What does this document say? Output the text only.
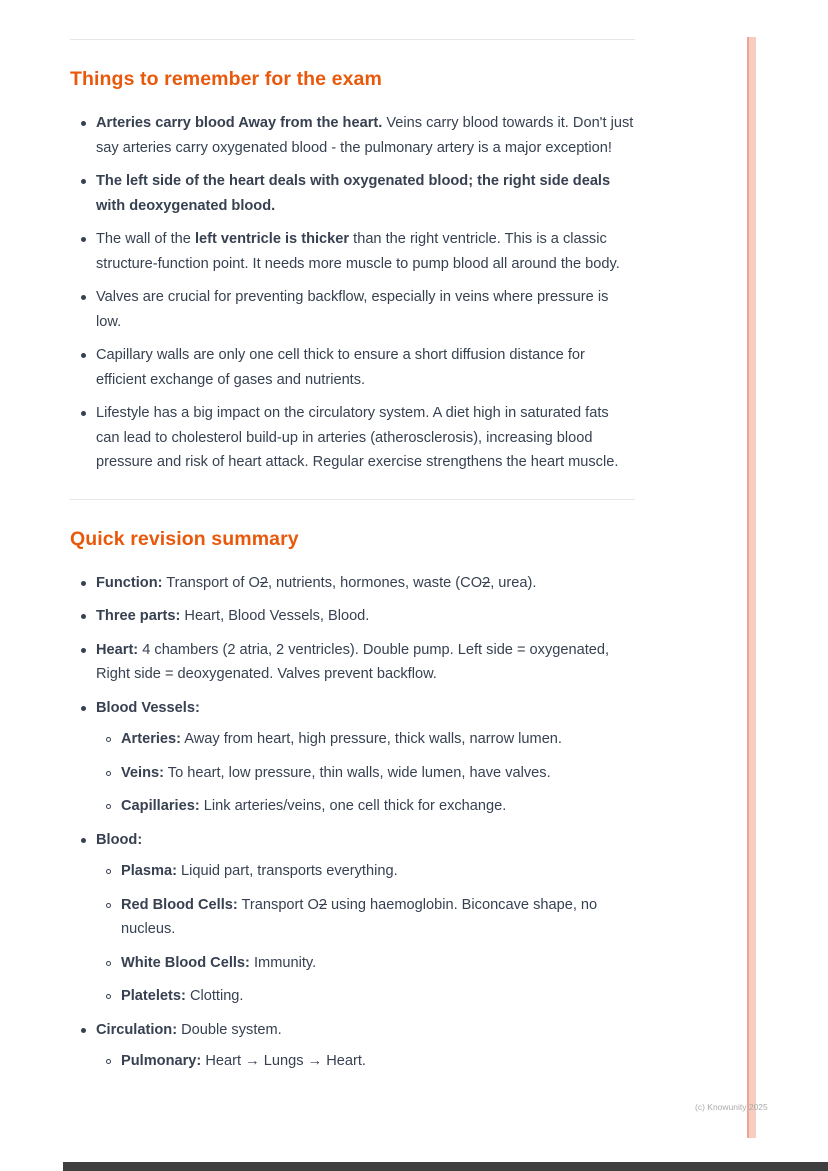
Things to remember for the exam
Arteries carry blood Away from the heart. Veins carry blood towards it. Don't just say arteries carry oxygenated blood - the pulmonary artery is a major exception!
The left side of the heart deals with oxygenated blood; the right side deals with deoxygenated blood.
The wall of the left ventricle is thicker than the right ventricle. This is a classic structure-function point. It needs more muscle to pump blood all around the body.
Valves are crucial for preventing backflow, especially in veins where pressure is low.
Capillary walls are only one cell thick to ensure a short diffusion distance for efficient exchange of gases and nutrients.
Lifestyle has a big impact on the circulatory system. A diet high in saturated fats can lead to cholesterol build-up in arteries (atherosclerosis), increasing blood pressure and risk of heart attack. Regular exercise strengthens the heart muscle.
Quick revision summary
Function: Transport of O2, nutrients, hormones, waste (CO2, urea).
Three parts: Heart, Blood Vessels, Blood.
Heart: 4 chambers (2 atria, 2 ventricles). Double pump. Left side = oxygenated, Right side = deoxygenated. Valves prevent backflow.
Blood Vessels:
Arteries: Away from heart, high pressure, thick walls, narrow lumen.
Veins: To heart, low pressure, thin walls, wide lumen, have valves.
Capillaries: Link arteries/veins, one cell thick for exchange.
Blood:
Plasma: Liquid part, transports everything.
Red Blood Cells: Transport O2 using haemoglobin. Biconcave shape, no nucleus.
White Blood Cells: Immunity.
Platelets: Clotting.
Circulation: Double system.
Pulmonary: Heart → Lungs → Heart.
(c) Knowunity 2025
